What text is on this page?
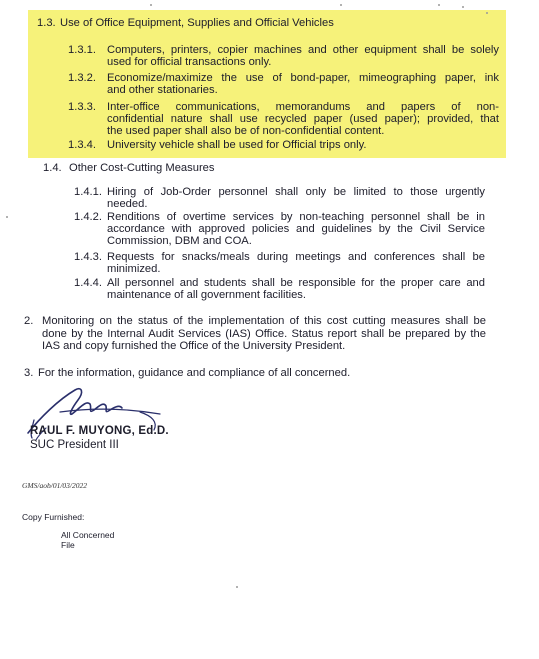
1.3. Use of Office Equipment, Supplies and Official Vehicles
1.3.1. Computers, printers, copier machines and other equipment shall be solely
used for official transactions only.
1.3.2. Economize/maximize the use of bond-paper, mimeographing paper, ink
and other stationaries.
1.3.3. Inter-office communications, memorandums and papers of non-
confidential nature shall use recycled paper (used paper); provided, that
the used paper shall also be of non-confidential content.
1.3.4. University vehicle shall be used for Official trips only.
1.4. Other Cost-Cutting Measures
1.4.1. Hiring of Job-Order personnel shall only be limited to those urgently
needed.
1.4.2. Renditions of overtime services by non-teaching personnel shall be in
accordance with approved policies and guidelines by the Civil Service
Commission, DBM and COA.
1.4.3. Requests for snacks/meals during meetings and conferences shall be
minimized.
1.4.4. All personnel and students shall be responsible for the proper care and
maintenance of all government facilities.
2. Monitoring on the status of the implementation of this cost cutting measures shall be
done by the Internal Audit Services (IAS) Office. Status report shall be prepared by the
IAS and copy furnished the Office of the University President.
3. For the information, guidance and compliance of all concerned.
RAUL F. MUYONG, Ed.D.
SUC President III
GMS/aob/01/03/2022
Copy Furnished:
All Concerned
File
